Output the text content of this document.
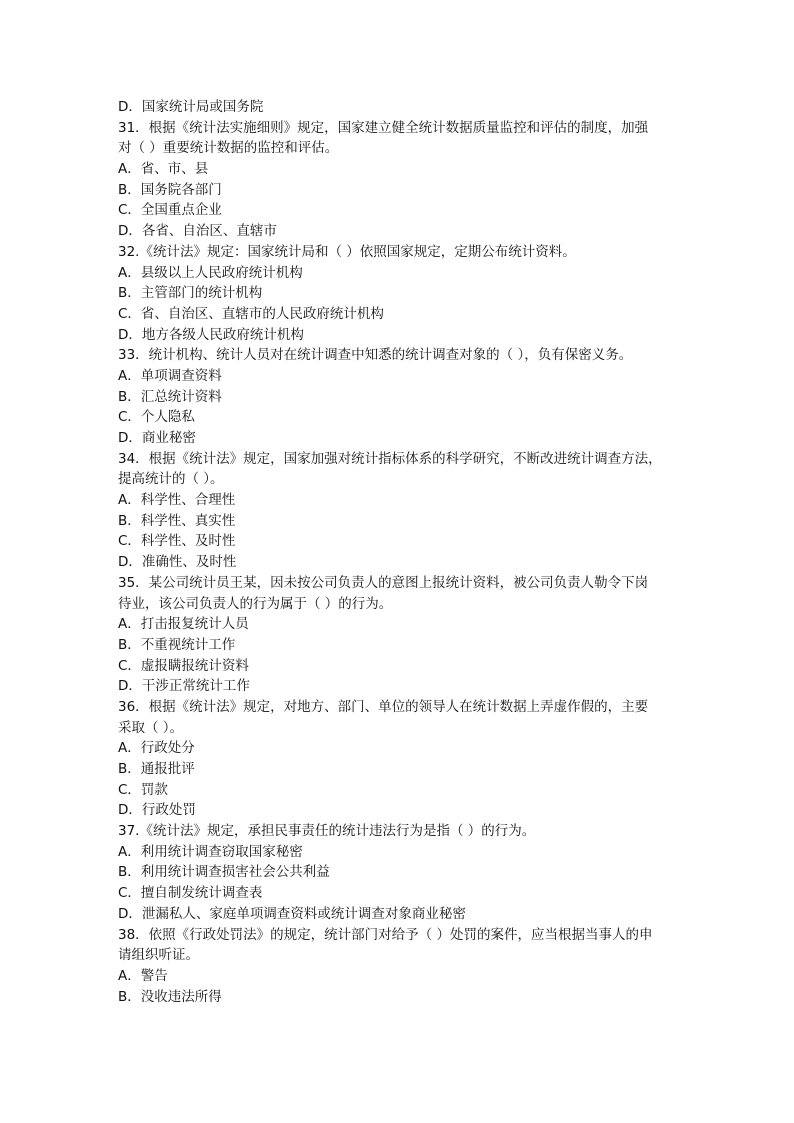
D．国家统计局或国务院
31．根据《统计法实施细则》规定，国家建立健全统计数据质量监控和评估的制度，加强
对（ ）重要统计数据的监控和评估。
A．省、市、县
B．国务院各部门
C．全国重点企业
D．各省、自治区、直辖市
32.《统计法》规定：国家统计局和（ ）依照国家规定，定期公布统计资料。
A．县级以上人民政府统计机构
B．主管部门的统计机构
C．省、自治区、直辖市的人民政府统计机构
D．地方各级人民政府统计机构
33．统计机构、统计人员对在统计调查中知悉的统计调查对象的（ ），负有保密义务。
A．单项调查资料
B．汇总统计资料
C．个人隐私
D．商业秘密
34．根据《统计法》规定，国家加强对统计指标体系的科学研究，不断改进统计调查方法，
提高统计的（ ）。
A．科学性、合理性
B．科学性、真实性
C．科学性、及时性
D．准确性、及时性
35．某公司统计员王某，因未按公司负责人的意图上报统计资料，被公司负责人勒令下岗
待业，该公司负责人的行为属于（ ）的行为。
A．打击报复统计人员
B．不重视统计工作
C．虚报瞒报统计资料
D．干涉正常统计工作
36．根据《统计法》规定，对地方、部门、单位的领导人在统计数据上弄虚作假的，主要
采取（ ）。
A．行政处分
B．通报批评
C．罚款
D．行政处罚
37.《统计法》规定，承担民事责任的统计违法行为是指（ ）的行为。
A．利用统计调查窃取国家秘密
B．利用统计调查损害社会公共利益
C．擅自制发统计调查表
D．泄漏私人、家庭单项调查资料或统计调查对象商业秘密
38．依照《行政处罚法》的规定，统计部门对给予（ ）处罚的案件，应当根据当事人的申
请组织听证。
A．警告
B．没收违法所得
